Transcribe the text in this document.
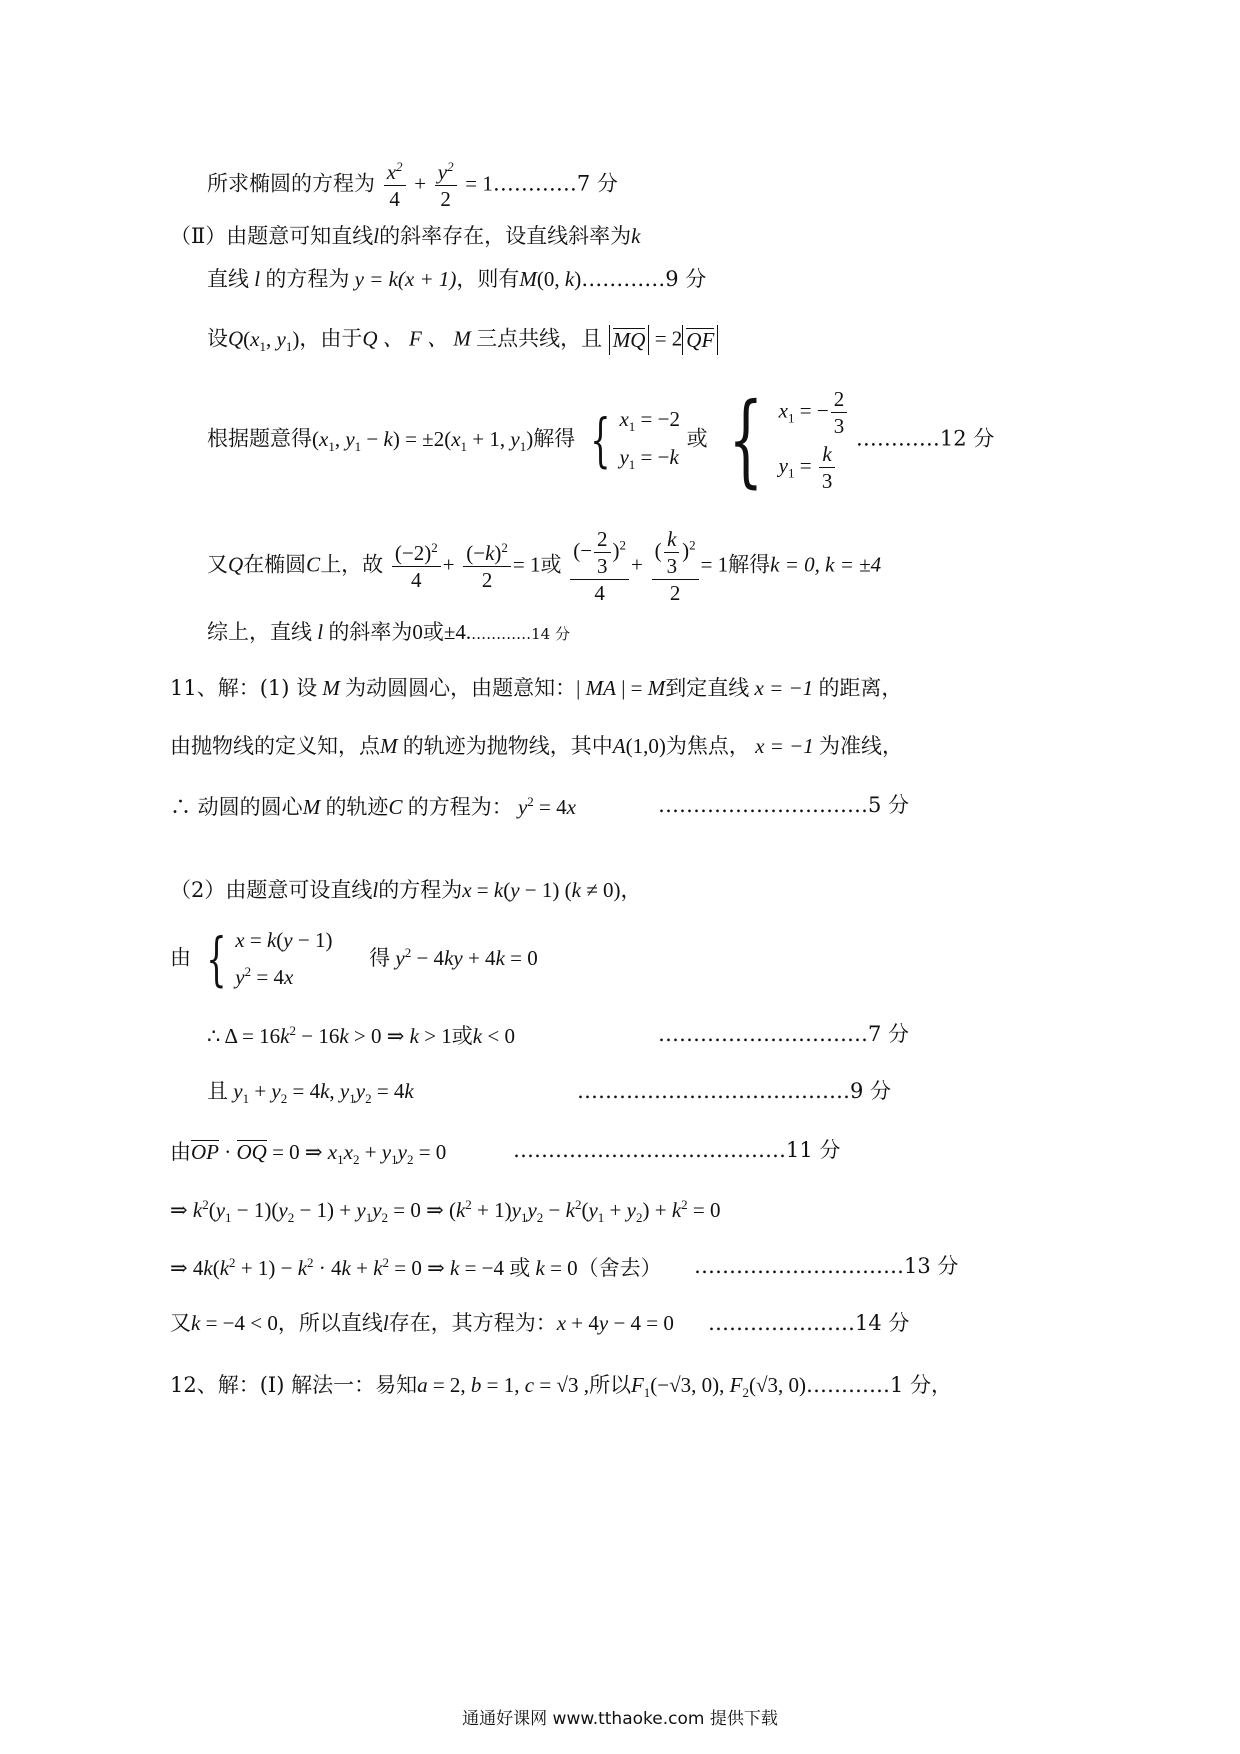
所求椭圆的方程为 $\frac{x^2}{4} + \frac{y^2}{2}$ = 1…………7 分
（Ⅱ）由题意可知直线l的斜率存在，设直线斜率为k
直线 l 的方程为 y = k(x + 1)，则有M(0, k)…………9 分
设$Q(x_1$, $y_1$)，由于Q 、 F 、 M 三点共线，且 MQ = 2 QF
根据题意得($x_1$, $y_1 - k) = \pm 2(x_1 + 1$, $y_1$)解得 { $x_1 = -2$
$y_1 = -k$
或 { $x_1$ = − $\frac{2}{3}$
$y_1 = \frac{k}{3}$
…………12 分
又Q在椭圆C上，故 $\frac{(-2)^2}{4} + \frac{(-k)^2}{2} = 1$或 $\frac{(- \frac{2}{3} )^2}{4} + \frac{( \frac{k}{3} )^2}{2} = 1$解得k = 0, k = ±4
综上，直线 l 的斜率为0或±4.…………14 分
11、解：(1) 设 M 为动圆圆心，由题意知：| MA | = M到定直线 x = −1 的距离，
由抛物线的定义知，点M 的轨迹为抛物线，其中A(1,0)为焦点， x = −1 为准线，
∴ 动圆的圆心M 的轨迹C 的方程为： $y^2 = 4x$	…………………………5 分
（2）由题意可设直线l的方程为x = k(y − 1) (k ≠ 0)，
由 { x = k(y − 1)
$y^2 = 4x$
得 $y^2 - 4ky + 4k = 0$
∴ $\Delta = 16k^2 - 16k > 0$ ⇒ k > 1或k < 0	…………………………7 分
且 $y_1 + y_2 = 4k$, $y_1y_2 = 4k$	…………………………………9 分
由OP · OQ = 0 ⇒ $x_1x_2 + y_1y_2 = 0$	…………………………………11 分
⇒ $k^2(y_1 - 1)(y_2 - 1) + y_1y_2 = 0$ ⇒ $(k^2 + 1)y_1y_2 - k^2(y_1 + y_2) + k^2 = 0$
⇒ $4k(k^2 + 1) - k^2 \cdot 4k + k^2 = 0$ ⇒ k = −4 或 k = 0（舍去） …………………………13 分
又k = −4 < 0，所以直线l存在，其方程为：x + 4y − 4 = 0 …………………14 分
12、解：(Ⅰ) 解法一：易知a = 2, b = 1, c = √3 ,所以$F_1(-√3$, 0), $F_2(√3$, 0)…………1 分，
通通好课网 www.tthaoke.com 提供下载
